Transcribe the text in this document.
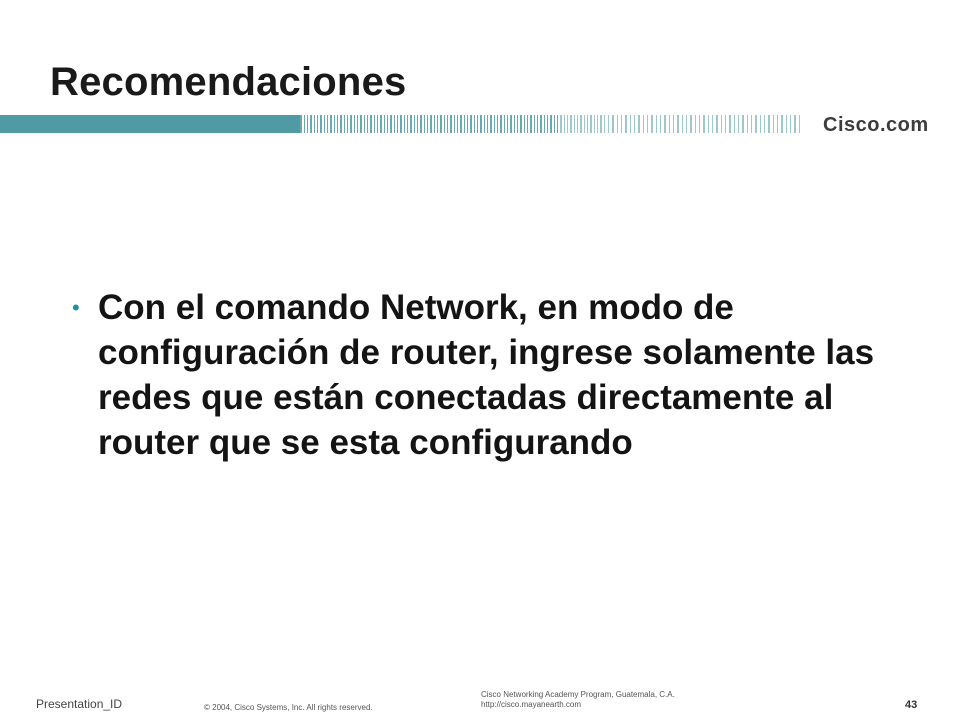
Recomendaciones
Cisco.com
• Con el comando Network, en modo de configuración de router, ingrese solamente las redes que están conectadas directamente al router que se esta configurando
Presentation_ID	© 2004, Cisco Systems, Inc. All rights reserved.
Cisco Networking Academy Program, Guatemala, C.A.
http://cisco.mayanearth.com	43
